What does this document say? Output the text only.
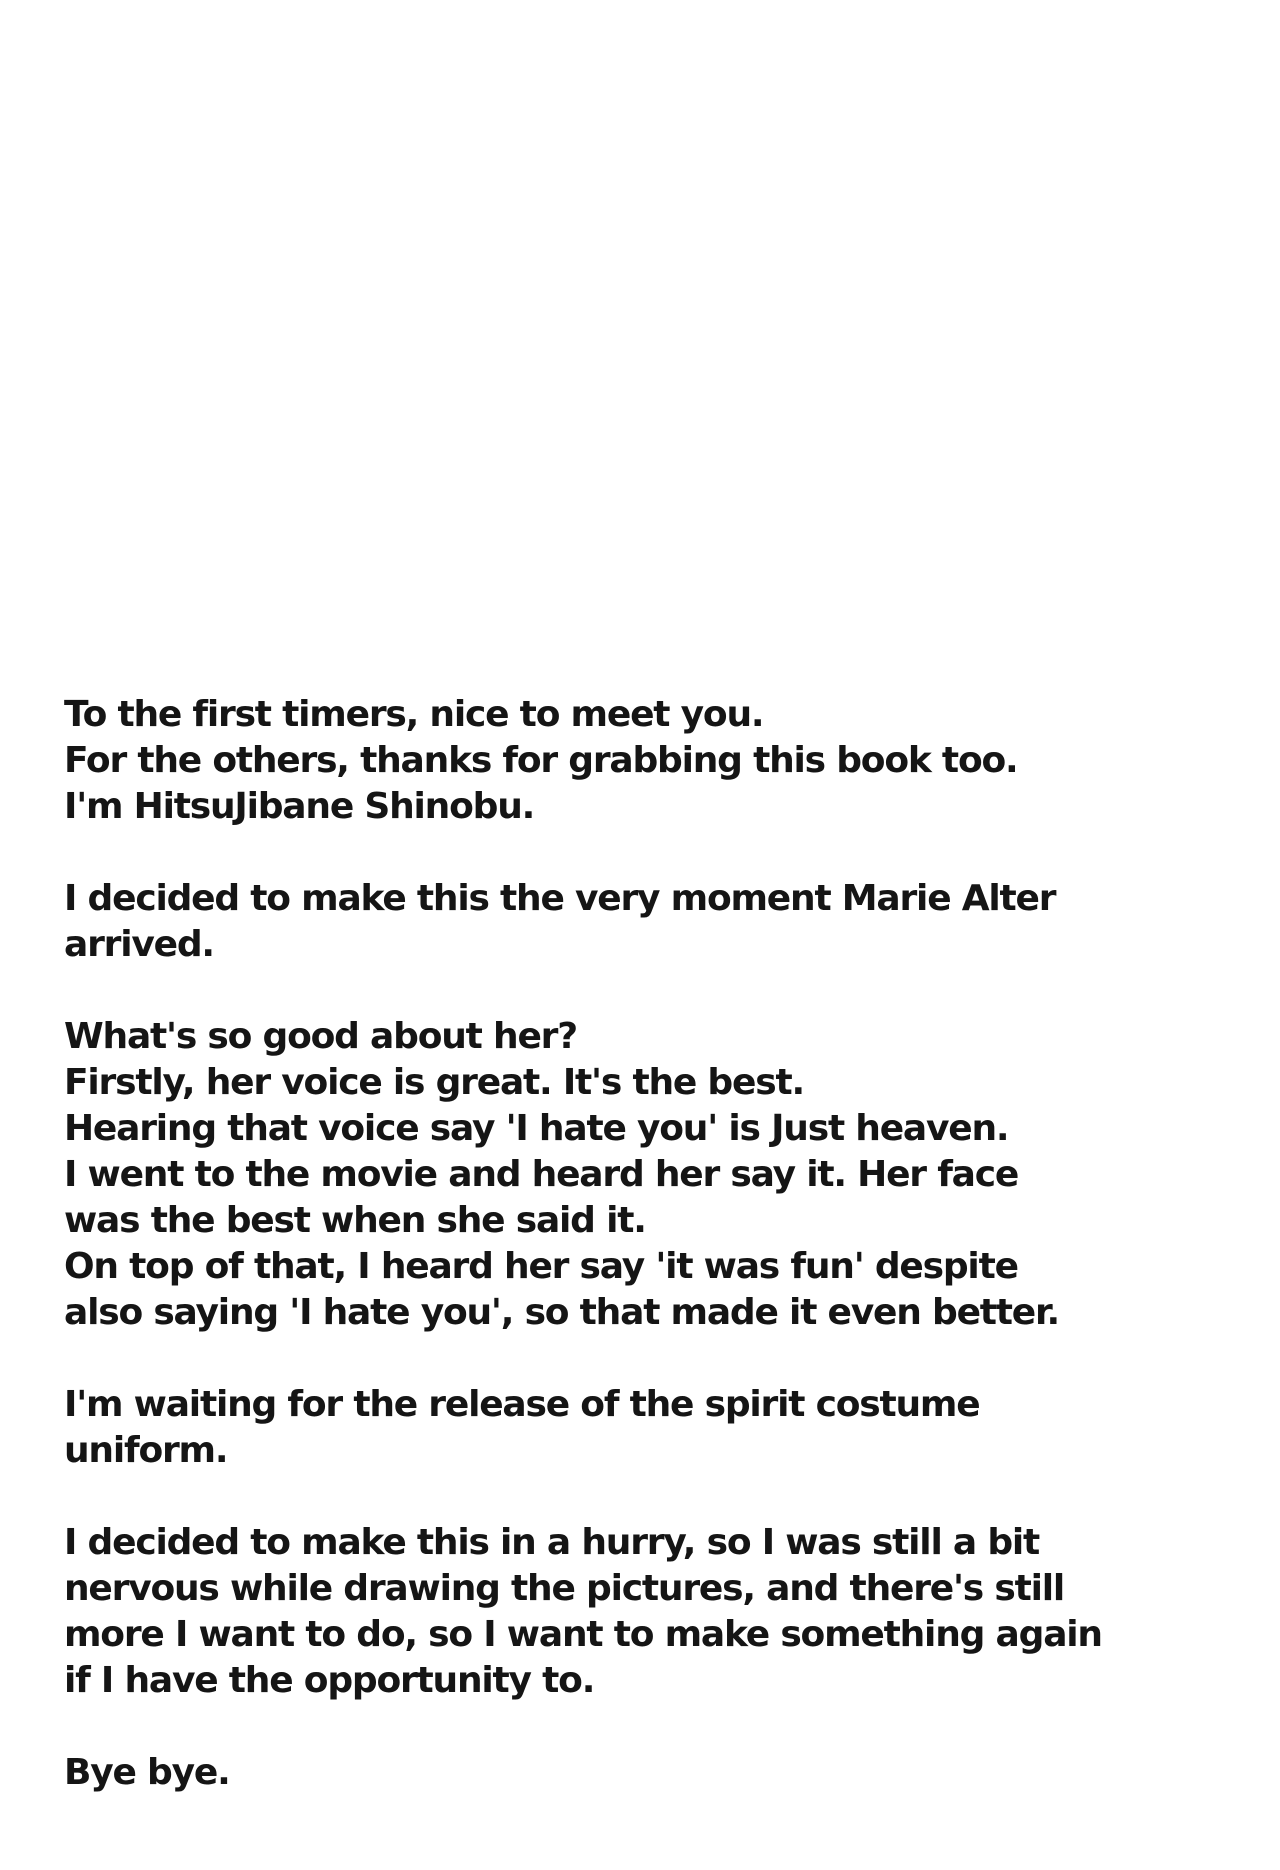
To the first timers, nice to meet you.
For the others, thanks for grabbing this book too.
I'm HitsuJibane Shinobu.

I decided to make this the very moment Marie Alter
arrived.

What's so good about her?
Firstly, her voice is great. It's the best.
Hearing that voice say 'I hate you' is Just heaven.
I went to the movie and heard her say it. Her face
was the best when she said it.
On top of that, I heard her say 'it was fun' despite
also saying 'I hate you', so that made it even better.

I'm waiting for the release of the spirit costume
uniform.

I decided to make this in a hurry, so I was still a bit
nervous while drawing the pictures, and there's still
more I want to do, so I want to make something again
if I have the opportunity to.

Bye bye.
